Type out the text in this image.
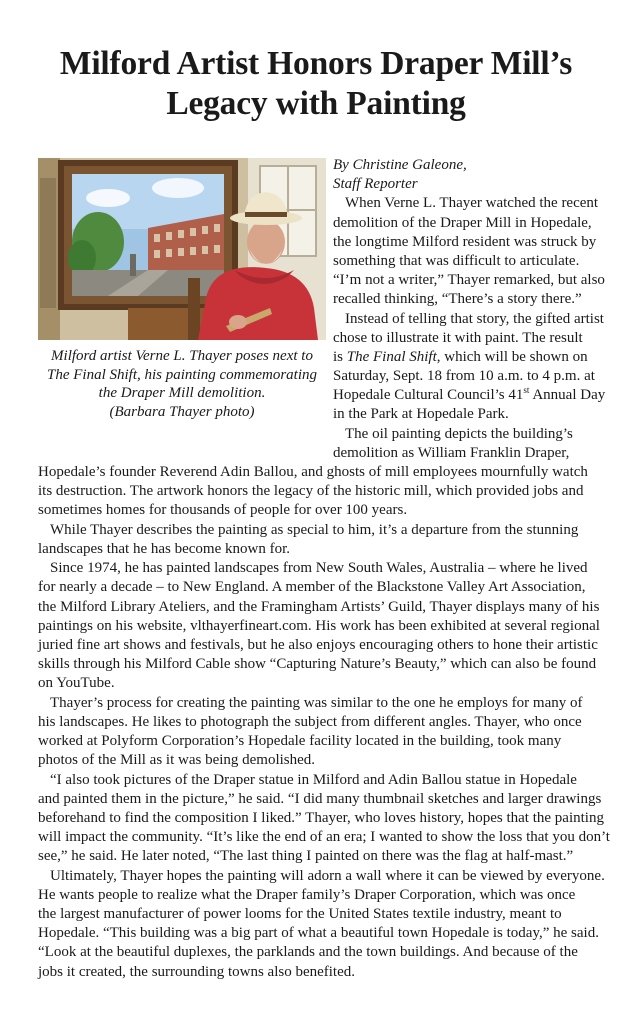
Milford Artist Honors Draper Mill’s
Legacy with Painting

Milford artist Verne L. Thayer poses next to
The Final Shift, his painting commemorating
the Draper Mill demolition.
(Barbara Thayer photo)

By Christine Galeone,
Staff Reporter
When Verne L. Thayer watched the recent
demolition of the Draper Mill in Hopedale,
the longtime Milford resident was struck by
something that was difficult to articulate.
“I’m not a writer,” Thayer remarked, but also
recalled thinking, “There’s a story there.”
Instead of telling that story, the gifted artist
chose to illustrate it with paint. The result
is The Final Shift, which will be shown on
Saturday, Sept. 18 from 10 a.m. to 4 p.m. at
Hopedale Cultural Council’s 41st Annual Day
in the Park at Hopedale Park.
The oil painting depicts the building’s
demolition as William Franklin Draper,
Hopedale’s founder Reverend Adin Ballou, and ghosts of mill employees mournfully watch
its destruction. The artwork honors the legacy of the historic mill, which provided jobs and
sometimes homes for thousands of people for over 100 years.
While Thayer describes the painting as special to him, it’s a departure from the stunning
landscapes that he has become known for.
Since 1974, he has painted landscapes from New South Wales, Australia – where he lived
for nearly a decade – to New England. A member of the Blackstone Valley Art Association,
the Milford Library Ateliers, and the Framingham Artists’ Guild, Thayer displays many of his
paintings on his website, vlthayerfineart.com. His work has been exhibited at several regional
juried fine art shows and festivals, but he also enjoys encouraging others to hone their artistic
skills through his Milford Cable show “Capturing Nature’s Beauty,” which can also be found
on YouTube.
Thayer’s process for creating the painting was similar to the one he employs for many of
his landscapes. He likes to photograph the subject from different angles. Thayer, who once
worked at Polyform Corporation’s Hopedale facility located in the building, took many
photos of the Mill as it was being demolished.
“I also took pictures of the Draper statue in Milford and Adin Ballou statue in Hopedale
and painted them in the picture,” he said. “I did many thumbnail sketches and larger drawings
beforehand to find the composition I liked.” Thayer, who loves history, hopes that the painting
will impact the community. “It’s like the end of an era; I wanted to show the loss that you don’t
see,” he said. He later noted, “The last thing I painted on there was the flag at half-mast.”
Ultimately, Thayer hopes the painting will adorn a wall where it can be viewed by everyone.
He wants people to realize what the Draper family’s Draper Corporation, which was once
the largest manufacturer of power looms for the United States textile industry, meant to
Hopedale. “This building was a big part of what a beautiful town Hopedale is today,” he said.
“Look at the beautiful duplexes, the parklands and the town buildings. And because of the
jobs it created, the surrounding towns also benefited.
